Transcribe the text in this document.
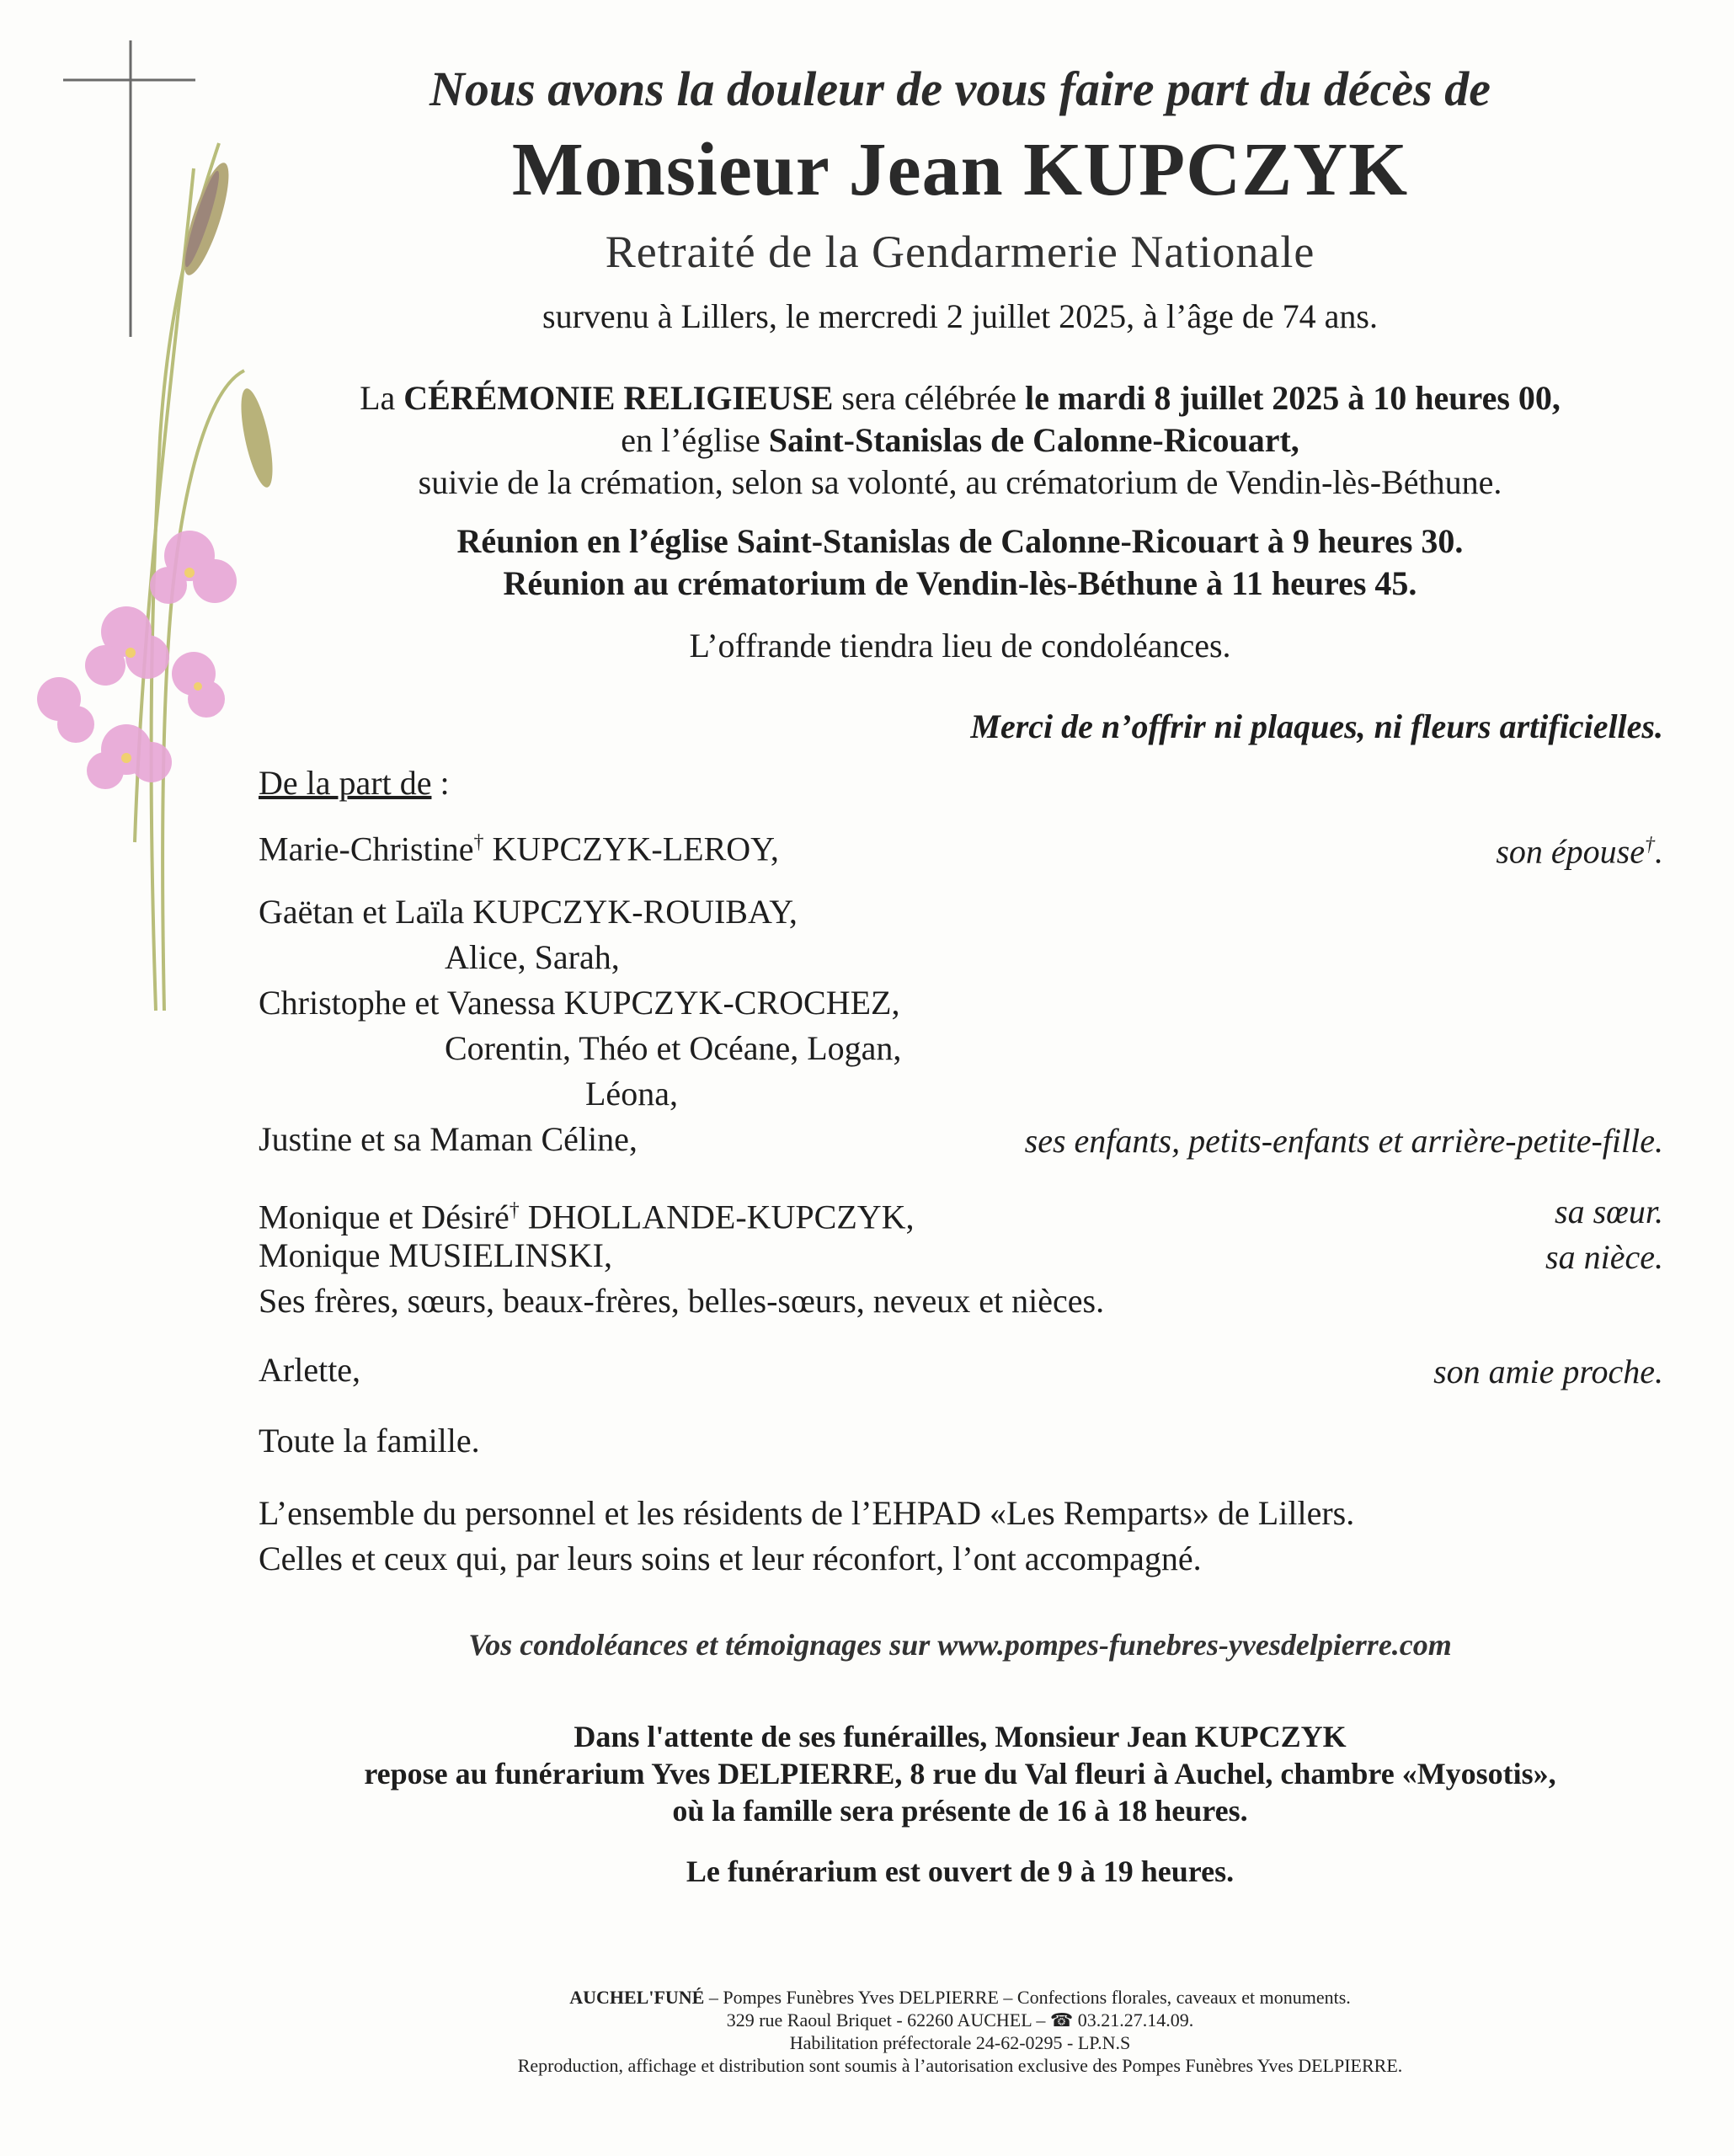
Nous avons la douleur de vous faire part du décès de
Monsieur Jean KUPCZYK
Retraité de la Gendarmerie Nationale
survenu à Lillers, le mercredi 2 juillet 2025, à l’âge de 74 ans.
La CÉRÉMONIE RELIGIEUSE sera célébrée le mardi 8 juillet 2025 à 10 heures 00,
en l’église Saint-Stanislas de Calonne-Ricouart,
suivie de la crémation, selon sa volonté, au crématorium de Vendin-lès-Béthune.
Réunion en l’église Saint-Stanislas de Calonne-Ricouart à 9 heures 30.
Réunion au crématorium de Vendin-lès-Béthune à 11 heures 45.
L’offrande tiendra lieu de condoléances.
Merci de n’offrir ni plaques, ni fleurs artificielles.
De la part de :
Marie-Christine† KUPCZYK-LEROY,	son épouse†.
Gaëtan et Laïla KUPCZYK-ROUIBAY,
Alice, Sarah,
Christophe et Vanessa KUPCZYK-CROCHEZ,
Corentin, Théo et Océane, Logan,
Léona,
Justine et sa Maman Céline,	ses enfants, petits-enfants et arrière-petite-fille.
Monique et Désiré† DHOLLANDE-KUPCZYK,	sa sœur.
Monique MUSIELINSKI,	sa nièce.
Ses frères, sœurs, beaux-frères, belles-sœurs, neveux et nièces.
Arlette,	son amie proche.
Toute la famille.
L’ensemble du personnel et les résidents de l’EHPAD «Les Remparts» de Lillers.
Celles et ceux qui, par leurs soins et leur réconfort, l’ont accompagné.
Vos condoléances et témoignages sur www.pompes-funebres-yvesdelpierre.com
Dans l'attente de ses funérailles, Monsieur Jean KUPCZYK
repose au funérarium Yves DELPIERRE, 8 rue du Val fleuri à Auchel, chambre «Myosotis»,
où la famille sera présente de 16 à 18 heures.
Le funérarium est ouvert de 9 à 19 heures.
AUCHEL'FUNÉ – Pompes Funèbres Yves DELPIERRE – Confections florales, caveaux et monuments.
329 rue Raoul Briquet - 62260 AUCHEL – ☎ 03.21.27.14.09.
Habilitation préfectorale 24-62-0295 - LP.N.S
Reproduction, affichage et distribution sont soumis à l’autorisation exclusive des Pompes Funèbres Yves DELPIERRE.
